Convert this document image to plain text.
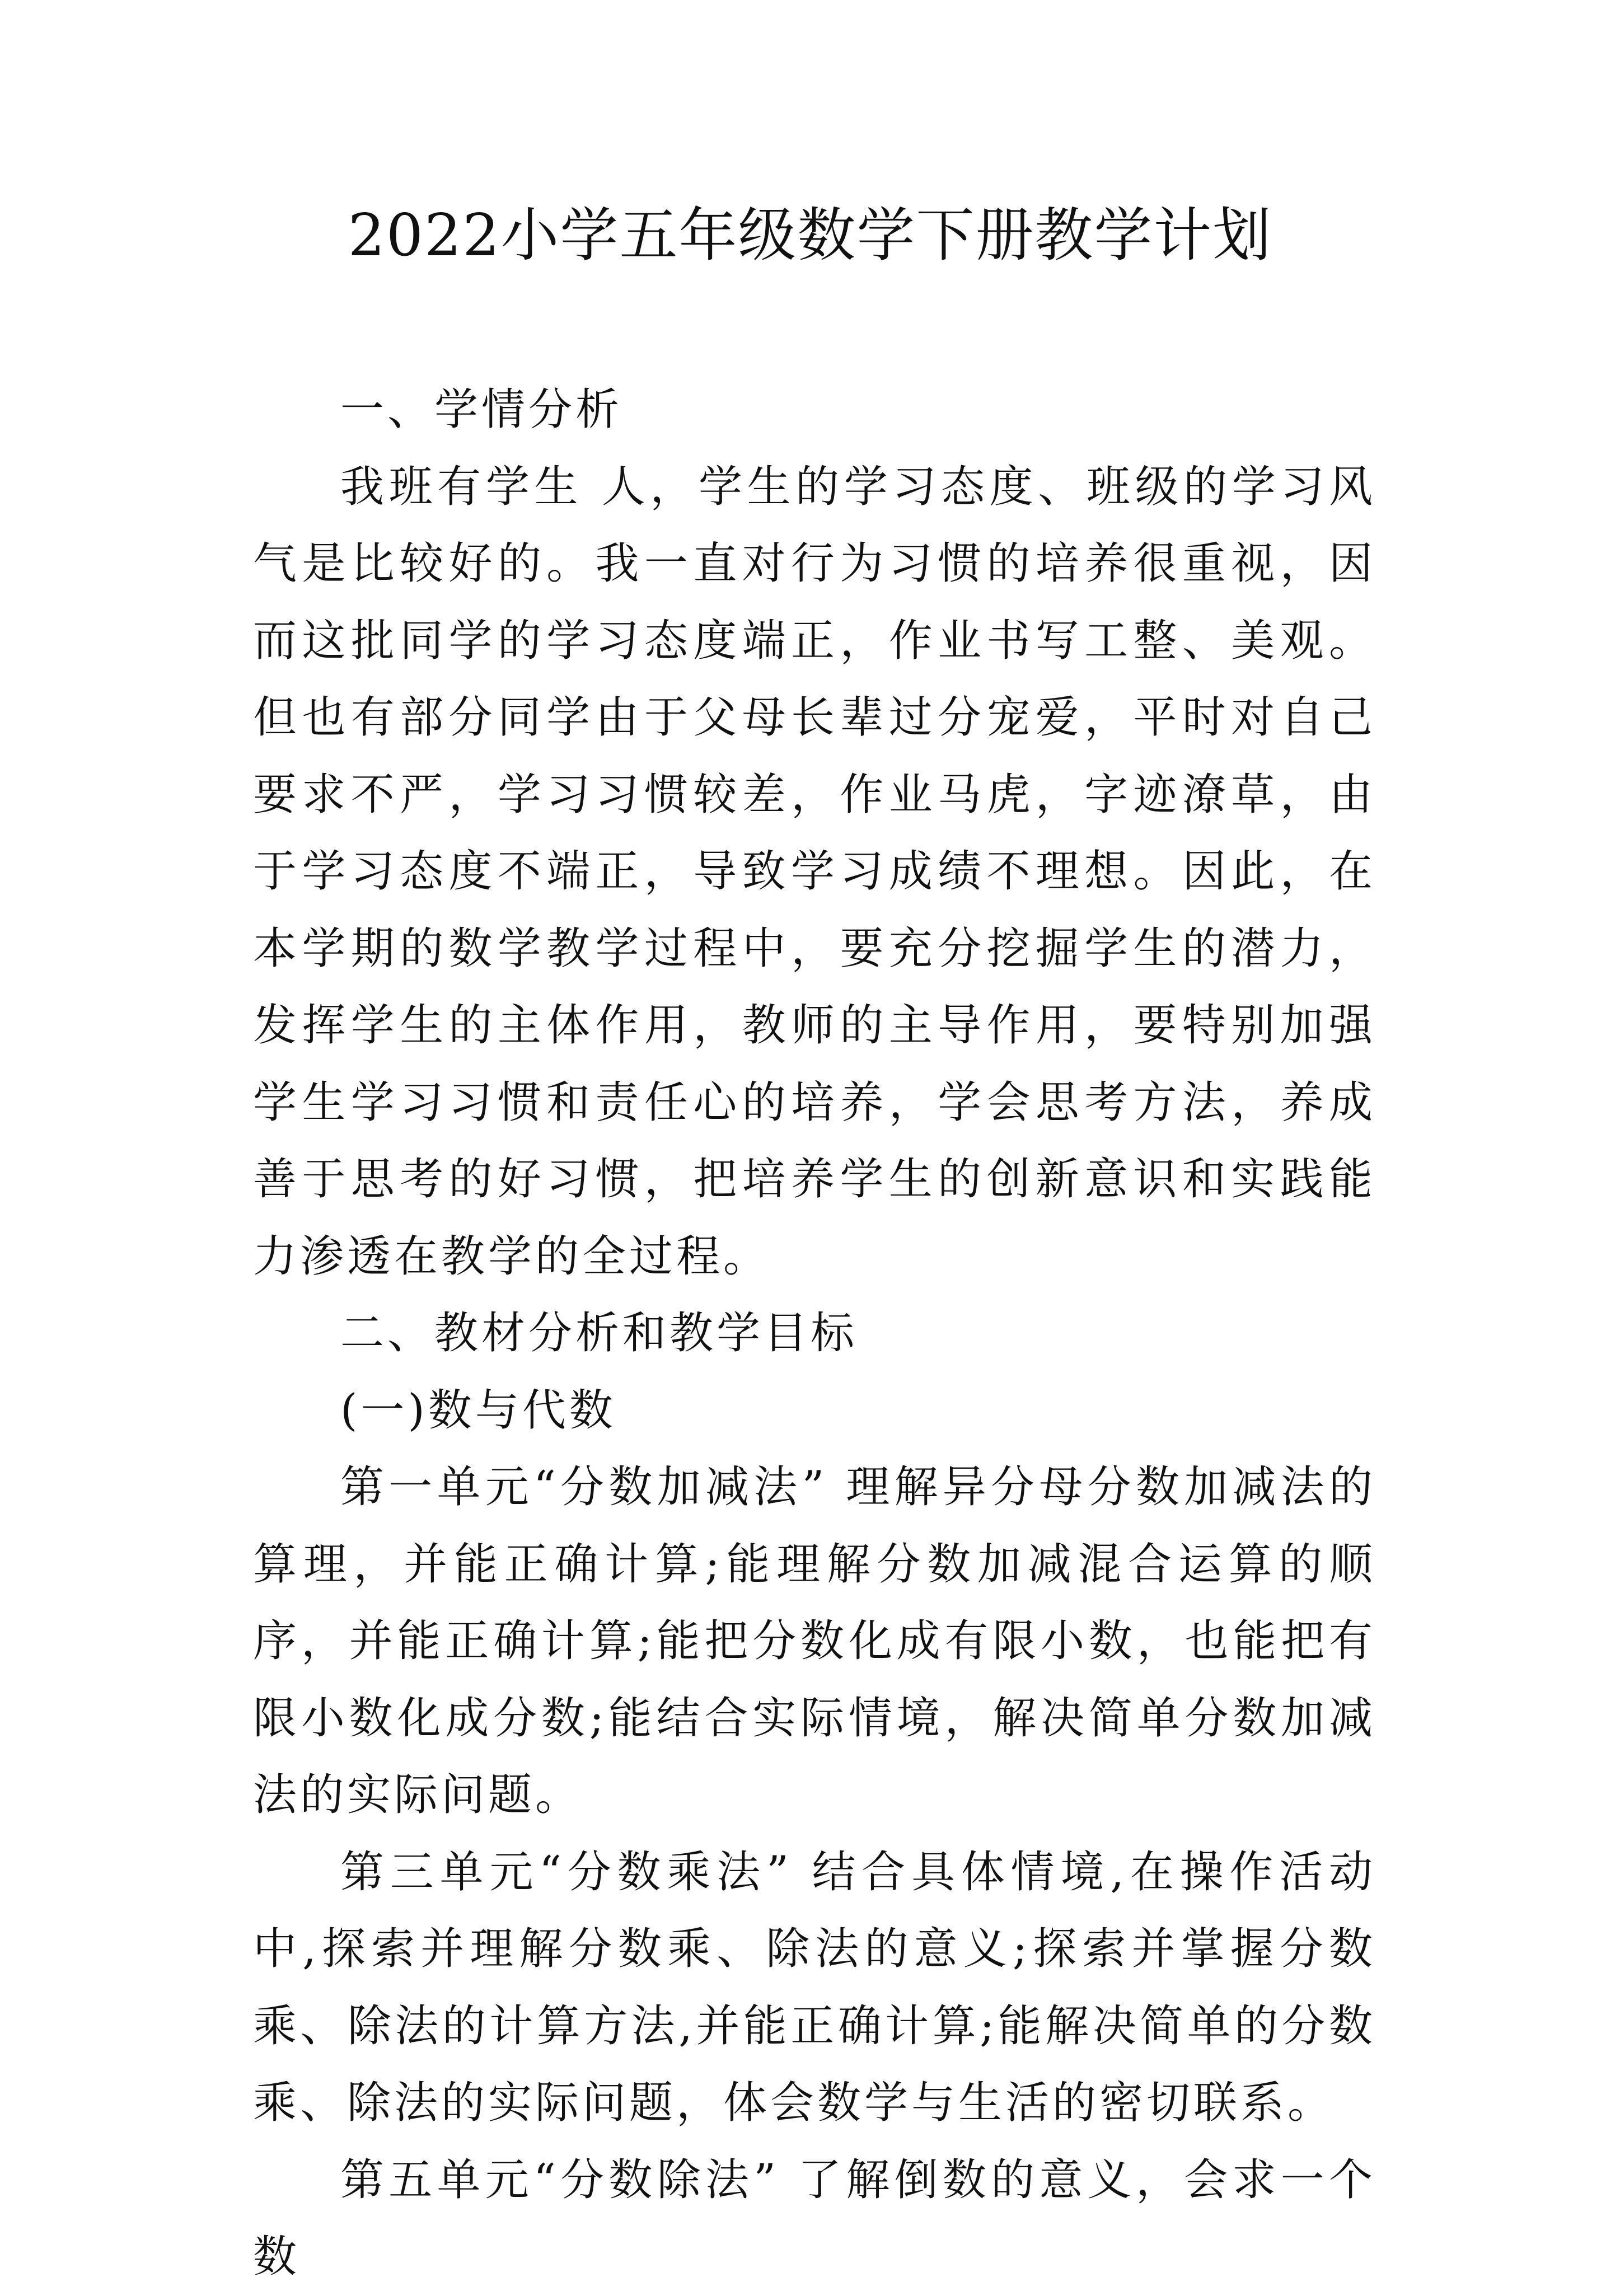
2022小学五年级数学下册教学计划
一、学情分析
我班有学生 人，学生的学习态度、班级的学习风气是比较好的。我一直对行为习惯的培养很重视，因而这批同学的学习态度端正，作业书写工整、美观。但也有部分同学由于父母长辈过分宠爱，平时对自己要求不严，学习习惯较差，作业马虎，字迹潦草，由于学习态度不端正，导致学习成绩不理想。因此，在本学期的数学教学过程中，要充分挖掘学生的潜力，发挥学生的主体作用，教师的主导作用，要特别加强学生学习习惯和责任心的培养，学会思考方法，养成善于思考的好习惯，把培养学生的创新意识和实践能力渗透在教学的全过程。
二、教材分析和教学目标
(一)数与代数
第一单元“分数加减法” 理解异分母分数加减法的算理，并能正确计算;能理解分数加减混合运算的顺序，并能正确计算;能把分数化成有限小数，也能把有限小数化成分数;能结合实际情境，解决简单分数加减法的实际问题。
第三单元“分数乘法” 结合具体情境,在操作活动中,探索并理解分数乘、除法的意义;探索并掌握分数乘、除法的计算方法,并能正确计算;能解决简单的分数乘、除法的实际问题，体会数学与生活的密切联系。
第五单元“分数除法” 了解倒数的意义，会求一个数
